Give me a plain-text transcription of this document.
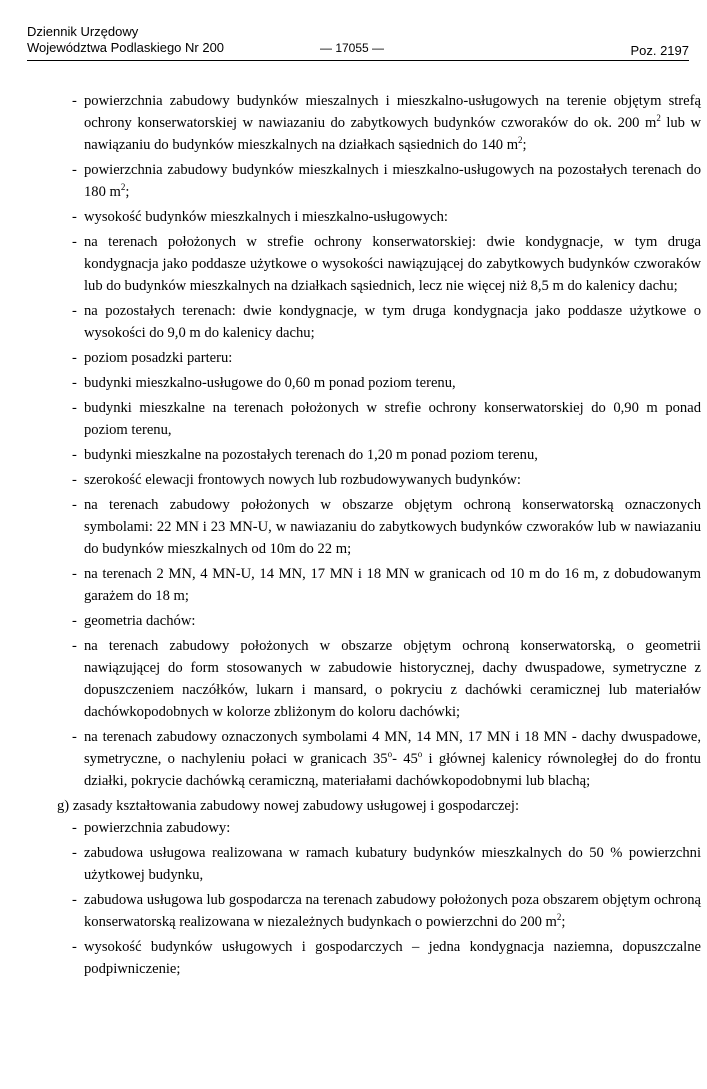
Dziennik Urzędowy
Województwa Podlaskiego Nr 200	— 17055 —	Poz. 2197
- powierzchnia zabudowy budynków mieszalnych i mieszkalno-usługowych na terenie objętym strefą ochrony konserwatorskiej w nawiazaniu do zabytkowych budynków czworaków do ok. 200 $m^2$ lub w nawiązaniu do budynków mieszkalnych na działkach sąsiednich do 140 $m^2$;
- powierzchnia zabudowy budynków mieszkalnych i mieszkalno-usługowych na pozostałych terenach do 180 $m^2$;
- wysokość budynków mieszkalnych i mieszkalno-usługowych:
- na terenach położonych w strefie ochrony konserwatorskiej: dwie kondygnacje, w tym druga kondygnacja jako poddasze użytkowe o wysokości nawiązującej do zabytkowych budynków czworaków lub do budynków mieszkalnych na działkach sąsiednich, lecz nie więcej niż 8,5 m do kalenicy dachu;
- na pozostałych terenach: dwie kondygnacje, w tym druga kondygnacja jako poddasze użytkowe o wysokości do 9,0 m do kalenicy dachu;
- poziom posadzki parteru:
- budynki mieszkalno-usługowe do 0,60 m ponad poziom terenu,
- budynki mieszkalne na terenach położonych w strefie ochrony konserwatorskiej do 0,90 m ponad poziom terenu,
- budynki mieszkalne na pozostałych terenach do 1,20 m ponad poziom terenu,
- szerokość elewacji frontowych nowych lub rozbudowywanych budynków:
- na terenach zabudowy położonych w obszarze objętym ochroną konserwatorską oznaczonych symbolami: 22 MN i 23 MN-U, w nawiazaniu do zabytkowych budynków czworaków lub w nawiazaniu do budynków mieszkalnych od 10m do 22 m;
- na terenach 2 MN, 4 MN-U, 14 MN, 17 MN i 18 MN w granicach od 10 m do 16 m, z dobudowanym garażem do 18 m;
- geometria dachów:
- na terenach zabudowy położonych w obszarze objętym ochroną konserwatorską, o geometrii nawiązującej do form stosowanych w zabudowie historycznej, dachy dwuspadowe, symetryczne z dopuszczeniem naczółków, lukarn i mansard, o pokryciu z dachówki ceramicznej lub materiałów dachówkopodobnych w kolorze zbliżonym do koloru dachówki;
- na terenach zabudowy oznaczonych symbolami 4 MN, 14 MN, 17 MN i 18 MN - dachy dwuspadowe, symetryczne, o nachyleniu połaci w granicach 35$^o$- 45$^o$ i głównej kalenicy równoległej do do frontu działki, pokrycie dachówką ceramiczną, materiałami dachówkopodobnymi lub blachą;
g) zasady kształtowania zabudowy nowej zabudowy usługowej i gospodarczej:
- powierzchnia zabudowy:
- zabudowa usługowa realizowana w ramach kubatury budynków mieszkalnych do 50 % powierzchni użytkowej budynku,
- zabudowa usługowa lub gospodarcza na terenach zabudowy położonych poza obszarem objętym ochroną konserwatorską realizowana w niezależnych budynkach o powierzchni do 200 $m^2$;
- wysokość budynków usługowych i gospodarczych – jedna kondygnacja naziemna, dopuszczalne podpiwniczenie;
